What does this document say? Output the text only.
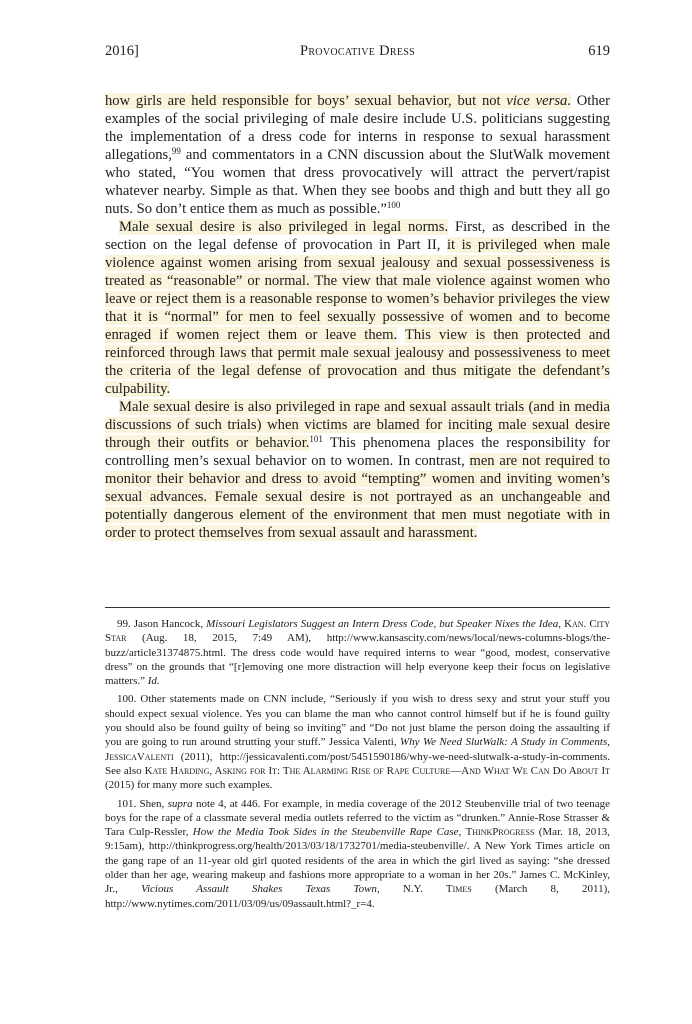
2016]	Provocative Dress	619

how girls are held responsible for boys’ sexual behavior, but not vice versa. Other examples of the social privileging of male desire include U.S. politicians suggesting the implementation of a dress code for interns in response to sexual harassment allegations,$^{99}$ and commentators in a CNN discussion about the SlutWalk movement who stated, “You women that dress provocatively will attract the pervert/rapist whatever nearby. Simple as that. When they see boobs and thigh and butt they all go nuts. So don’t entice them as much as possible.”$^{100}$

Male sexual desire is also privileged in legal norms. First, as described in the section on the legal defense of provocation in Part II, it is privileged when male violence against women arising from sexual jealousy and sexual possessiveness is treated as “reasonable” or normal. The view that male violence against women who leave or reject them is a reasonable response to women’s behavior privileges the view that it is “normal” for men to feel sexually possessive of women and to become enraged if women reject them or leave them. This view is then protected and reinforced through laws that permit male sexual jealousy and possessiveness to meet the criteria of the legal defense of provocation and thus mitigate the defendant’s culpability.

Male sexual desire is also privileged in rape and sexual assault trials (and in media discussions of such trials) when victims are blamed for inciting male sexual desire through their outfits or behavior.$^{101}$ This phenomena places the responsibility for controlling men’s sexual behavior on to women. In contrast, men are not required to monitor their behavior and dress to avoid “tempting” women and inviting women’s sexual advances. Female sexual desire is not portrayed as an unchangeable and potentially dangerous element of the environment that men must negotiate with in order to protect themselves from sexual assault and harassment.

99. Jason Hancock, Missouri Legislators Suggest an Intern Dress Code, but Speaker Nixes the Idea, Kan. City Star (Aug. 18, 2015, 7:49 AM), http://www.kansascity.com/news/local/news-columns-blogs/the-buzz/article31374875.html. The dress code would have required interns to wear “good, modest, conservative dress” on the grounds that “[r]emoving one more distraction will help everyone keep their focus on legislative matters.” Id.

100. Other statements made on CNN include, “Seriously if you wish to dress sexy and strut your stuff you should expect sexual violence. Yes you can blame the man who cannot control himself but if he is found guilty you should also be found guilty of being so inviting” and “Do not just blame the person doing the assaulting if you are going to run around strutting your stuff.” Jessica Valenti, Why We Need SlutWalk: A Study in Comments, JessicaValenti (2011), http://jessicavalenti.com/post/5451590186/why-we-need-slutwalk-a-study-in-comments. See also Kate Harding, Asking for It: The Alarming Rise of Rape Culture—And What We Can Do About It (2015) for many more such examples.

101. Shen, supra note 4, at 446. For example, in media coverage of the 2012 Steubenville trial of two teenage boys for the rape of a classmate several media outlets referred to the victim as “drunken.” Annie-Rose Strasser & Tara Culp-Ressler, How the Media Took Sides in the Steubenville Rape Case, ThinkProgress (Mar. 18, 2013, 9:15am), http://thinkprogress.org/health/2013/03/18/1732701/media-steubenville/. A New York Times article on the gang rape of an 11-year old girl quoted residents of the area in which the girl lived as saying: “she dressed older than her age, wearing makeup and fashions more appropriate to a woman in her 20s.” James C. McKinley, Jr., Vicious Assault Shakes Texas Town, N.Y. Times (March 8, 2011), http://www.nytimes.com/2011/03/09/us/09assault.html?_r=4.
